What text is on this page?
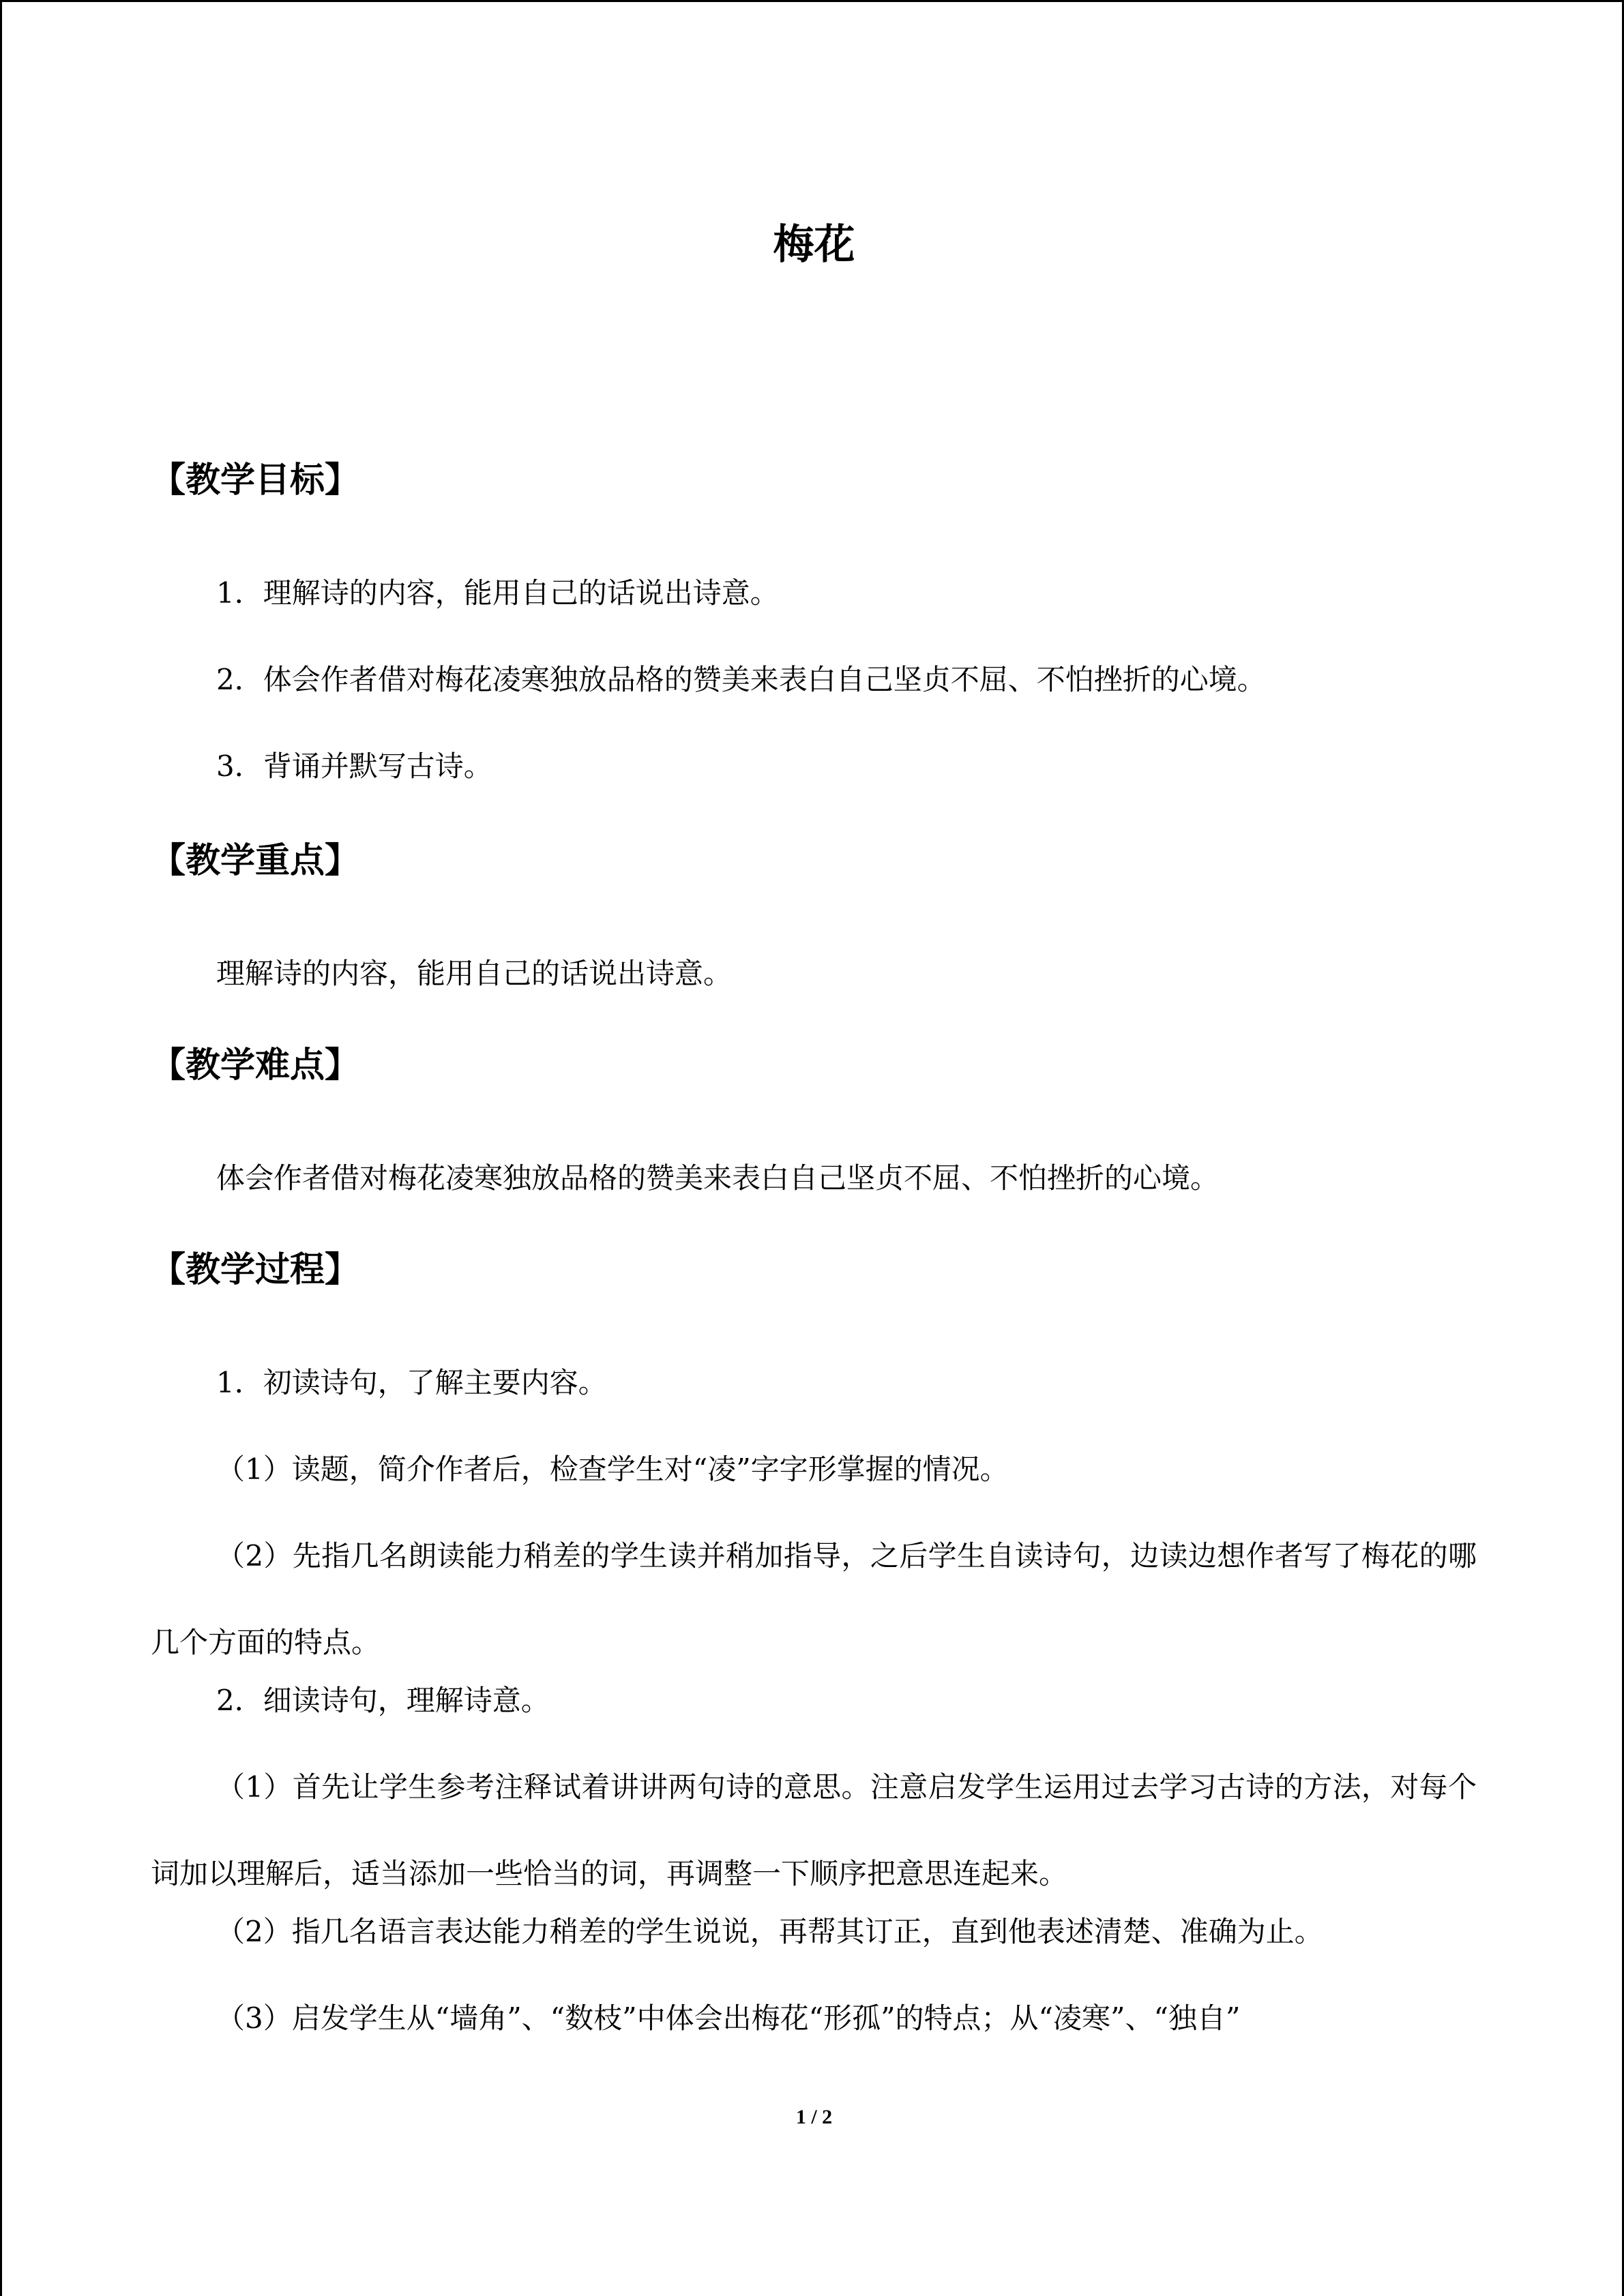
梅花
【教学目标】

1．理解诗的内容，能用自己的话说出诗意。

2．体会作者借对梅花凌寒独放品格的赞美来表白自己坚贞不屈、不怕挫折的心境。

3．背诵并默写古诗。

【教学重点】

理解诗的内容，能用自己的话说出诗意。

【教学难点】

体会作者借对梅花凌寒独放品格的赞美来表白自己坚贞不屈、不怕挫折的心境。

【教学过程】

1．初读诗句，了解主要内容。

（1）读题，简介作者后，检查学生对“凌”字字形掌握的情况。

（2）先指几名朗读能力稍差的学生读并稍加指导，之后学生自读诗句，边读边想作者写了梅花的哪几个方面的特点。

2．细读诗句，理解诗意。

（1）首先让学生参考注释试着讲讲两句诗的意思。注意启发学生运用过去学习古诗的方法，对每个词加以理解后，适当添加一些恰当的词，再调整一下顺序把意思连起来。

（2）指几名语言表达能力稍差的学生说说，再帮其订正，直到他表述清楚、准确为止。

（3）启发学生从“墙角”、“数枝”中体会出梅花“形孤”的特点；从“凌寒”、“独自”

1 / 2
